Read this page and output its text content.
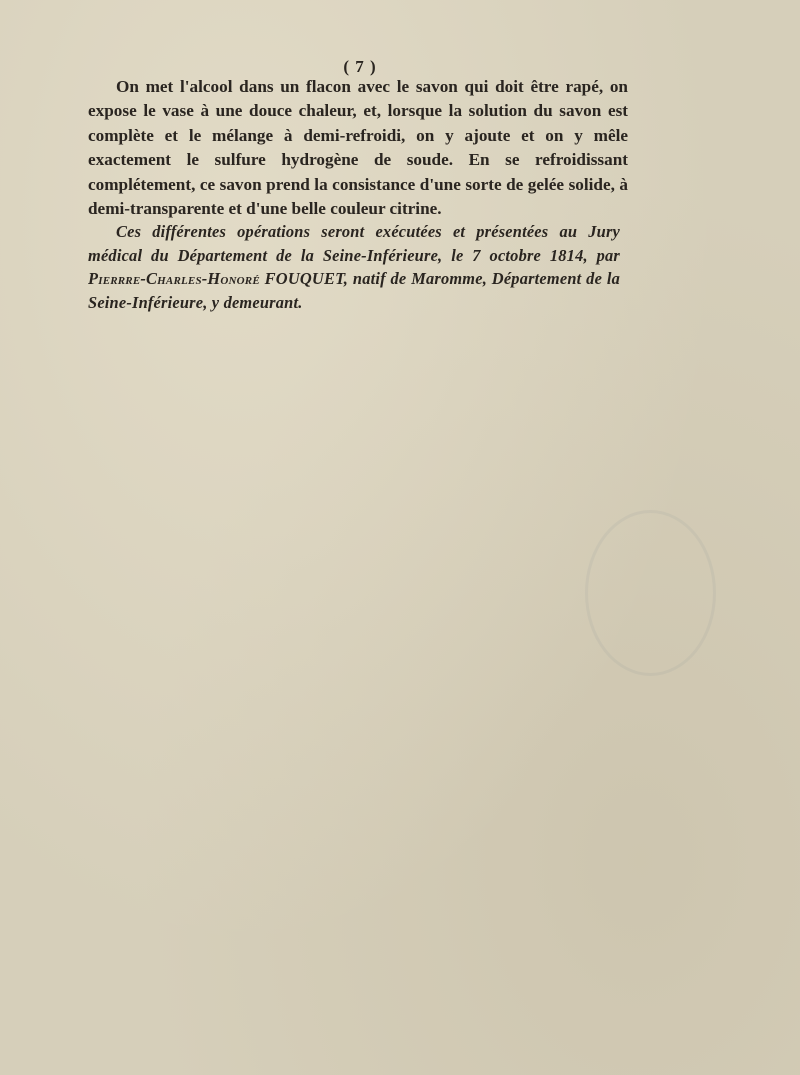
( 7 )

On met l'alcool dans un flacon avec le savon qui doit être rapé, on expose le vase à une douce chaleur, et, lorsque la solution du savon est complète et le mélange à demi-refroidi, on y ajoute et on y mêle exactement le sulfure hydrogène de soude. En se refroidissant complétement, ce savon prend la consistance d'une sorte de gelée solide, à demi-transparente et d'une belle couleur citrine.

Ces différentes opérations seront exécutées et présentées au Jury médical du Département de la Seine-Inférieure, le 7 octobre 1814, par Pierrre-Charles-Honoré FOUQUET, natif de Maromme, Département de la Seine-Inférieure, y demeurant.
